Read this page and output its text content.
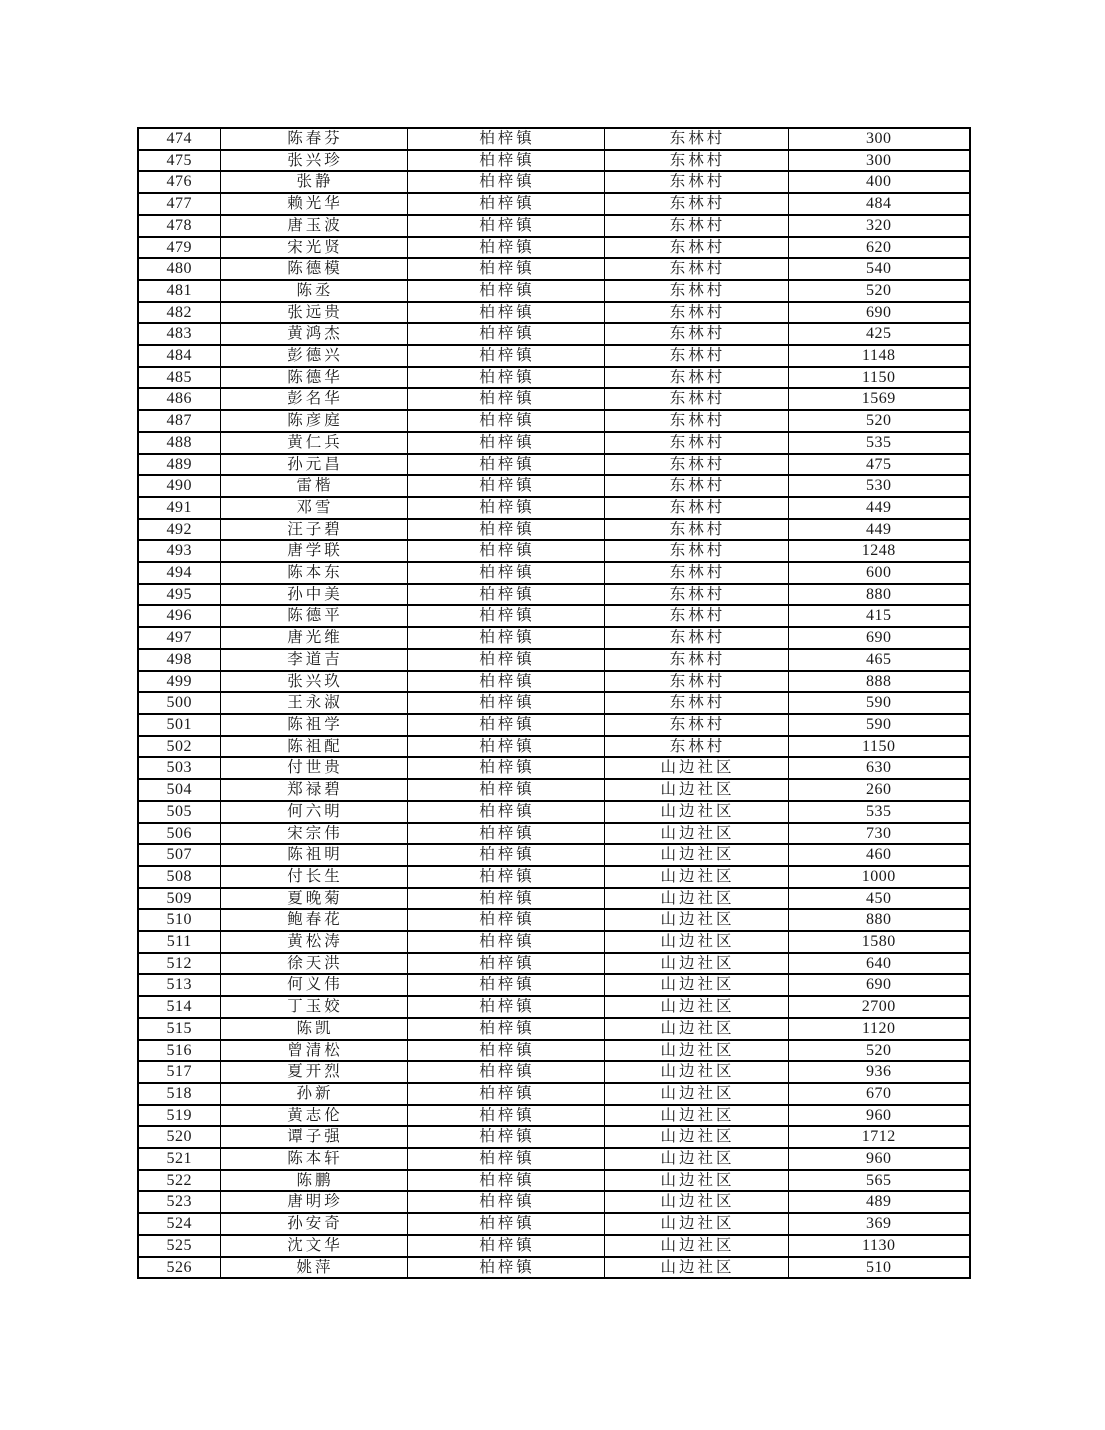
474	陈春芬	柏梓镇	东林村	300
475	张兴珍	柏梓镇	东林村	300
476	张静	柏梓镇	东林村	400
477	赖光华	柏梓镇	东林村	484
478	唐玉波	柏梓镇	东林村	320
479	宋光贤	柏梓镇	东林村	620
480	陈德模	柏梓镇	东林村	540
481	陈丞	柏梓镇	东林村	520
482	张远贵	柏梓镇	东林村	690
483	黄鸿杰	柏梓镇	东林村	425
484	彭德兴	柏梓镇	东林村	1148
485	陈德华	柏梓镇	东林村	1150
486	彭名华	柏梓镇	东林村	1569
487	陈彦庭	柏梓镇	东林村	520
488	黄仁兵	柏梓镇	东林村	535
489	孙元昌	柏梓镇	东林村	475
490	雷楷	柏梓镇	东林村	530
491	邓雪	柏梓镇	东林村	449
492	汪子碧	柏梓镇	东林村	449
493	唐学联	柏梓镇	东林村	1248
494	陈本东	柏梓镇	东林村	600
495	孙中美	柏梓镇	东林村	880
496	陈德平	柏梓镇	东林村	415
497	唐光维	柏梓镇	东林村	690
498	李道吉	柏梓镇	东林村	465
499	张兴玖	柏梓镇	东林村	888
500	王永淑	柏梓镇	东林村	590
501	陈祖学	柏梓镇	东林村	590
502	陈祖配	柏梓镇	东林村	1150
503	付世贵	柏梓镇	山边社区	630
504	郑禄碧	柏梓镇	山边社区	260
505	何六明	柏梓镇	山边社区	535
506	宋宗伟	柏梓镇	山边社区	730
507	陈祖明	柏梓镇	山边社区	460
508	付长生	柏梓镇	山边社区	1000
509	夏晚菊	柏梓镇	山边社区	450
510	鲍春花	柏梓镇	山边社区	880
511	黄松涛	柏梓镇	山边社区	1580
512	徐天洪	柏梓镇	山边社区	640
513	何义伟	柏梓镇	山边社区	690
514	丁玉姣	柏梓镇	山边社区	2700
515	陈凯	柏梓镇	山边社区	1120
516	曾清松	柏梓镇	山边社区	520
517	夏开烈	柏梓镇	山边社区	936
518	孙新	柏梓镇	山边社区	670
519	黄志伦	柏梓镇	山边社区	960
520	谭子强	柏梓镇	山边社区	1712
521	陈本轩	柏梓镇	山边社区	960
522	陈鹏	柏梓镇	山边社区	565
523	唐明珍	柏梓镇	山边社区	489
524	孙安奇	柏梓镇	山边社区	369
525	沈文华	柏梓镇	山边社区	1130
526	姚萍	柏梓镇	山边社区	510
